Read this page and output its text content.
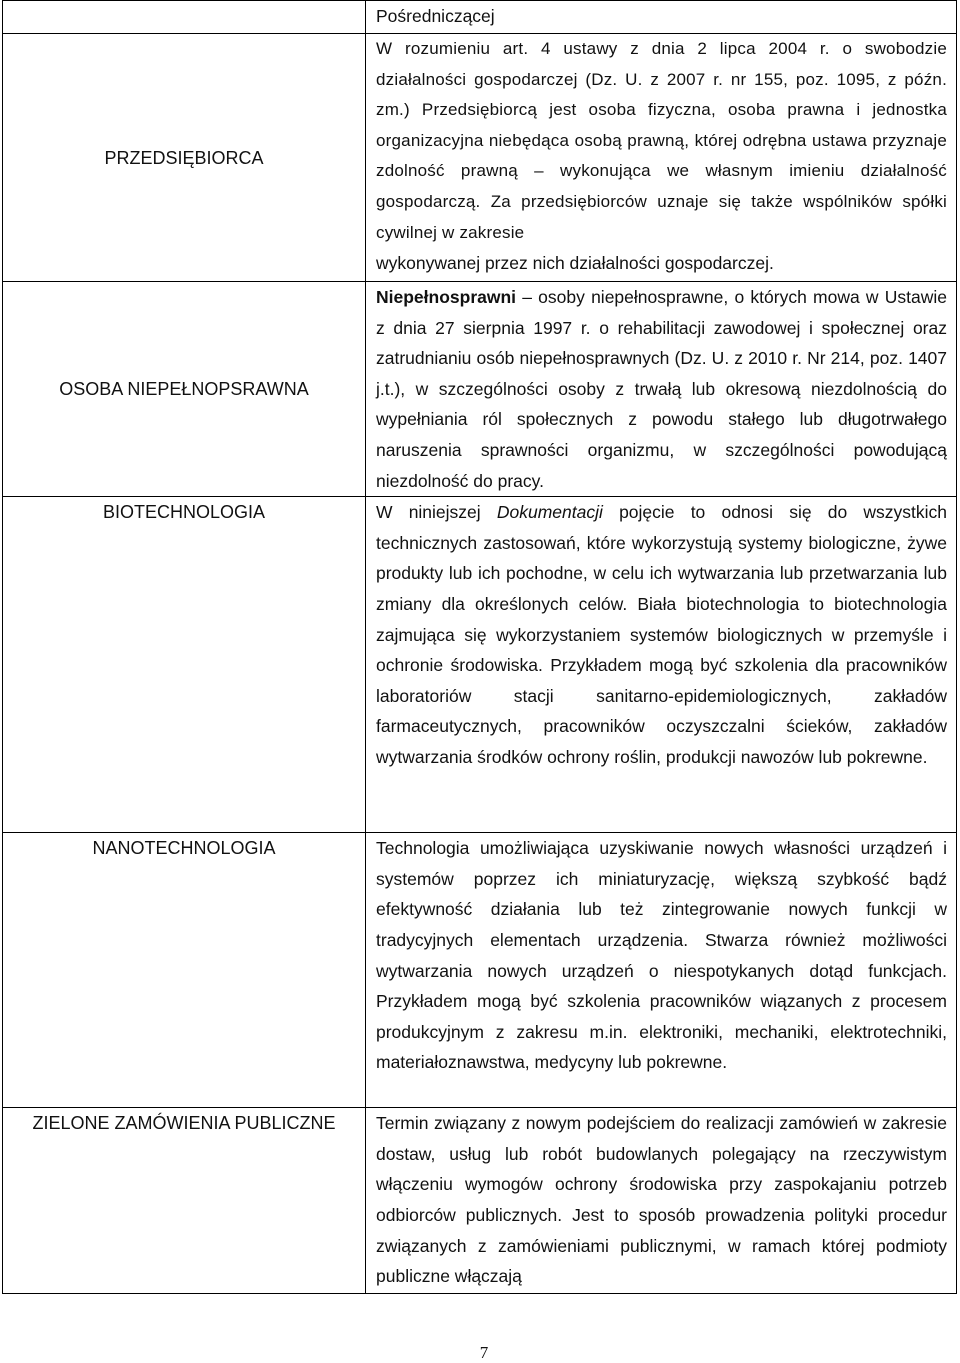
	Pośredniczącej
PRZEDSIĘBIORCA	W rozumieniu art. 4 ustawy z dnia 2 lipca 2004 r. o swobodzie działalności gospodarczej (Dz. U. z 2007 r. nr 155, poz. 1095, z późn. zm.) Przedsiębiorcą jest osoba fizyczna, osoba prawna i jednostka organizacyjna niebędąca osobą prawną, której odrębna ustawa przyznaje zdolność prawną – wykonująca we własnym imieniu działalność gospodarczą. Za przedsiębiorców uznaje się także wspólników spółki cywilnej w zakresie
wykonywanej przez nich działalności gospodarczej.

OSOBA NIEPEŁNOPSRAWNA	Niepełnosprawni – osoby niepełnosprawne, o których mowa w Ustawie z dnia 27 sierpnia 1997 r. o rehabilitacji zawodowej i społecznej oraz zatrudnianiu osób niepełnosprawnych (Dz. U. z 2010 r. Nr 214, poz. 1407 j.t.), w szczególności osoby z trwałą lub okresową niezdolnością do wypełniania ról społecznych z powodu stałego lub długotrwałego naruszenia sprawności organizmu, w szczególności powodującą niezdolność do pracy.
BIOTECHNOLOGIA	W niniejszej Dokumentacji pojęcie to odnosi się do wszystkich technicznych zastosowań, które wykorzystują systemy biologiczne, żywe produkty lub ich pochodne, w celu ich wytwarzania lub przetwarzania lub zmiany dla określonych celów. Biała biotechnologia to biotechnologia zajmująca się wykorzystaniem systemów biologicznych w przemyśle i ochronie środowiska. Przykładem mogą być szkolenia dla pracowników laboratoriów stacji sanitarno-epidemiologicznych, zakładów farmaceutycznych, pracowników oczyszczalni ścieków, zakładów wytwarzania środków ochrony roślin, produkcji nawozów lub pokrewne.
NANOTECHNOLOGIA	Technologia umożliwiająca uzyskiwanie nowych własności urządzeń i systemów poprzez ich miniaturyzację, większą szybkość bądź efektywność działania lub też zintegrowanie nowych funkcji w tradycyjnych elementach urządzenia. Stwarza również możliwości wytwarzania nowych urządzeń o niespotykanych dotąd funkcjach. Przykładem mogą być szkolenia pracowników wiązanych z procesem produkcyjnym z zakresu m.in. elektroniki, mechaniki, elektrotechniki, materiałoznawstwa, medycyny lub pokrewne.
ZIELONE ZAMÓWIENIA PUBLICZNE	Termin związany z nowym podejściem do realizacji zamówień w zakresie dostaw, usług lub robót budowlanych polegający na rzeczywistym włączeniu wymogów ochrony środowiska przy zaspokajaniu potrzeb odbiorców publicznych. Jest to sposób prowadzenia polityki procedur związanych z zamówieniami publicznymi, w ramach której podmioty publiczne włączają
7
